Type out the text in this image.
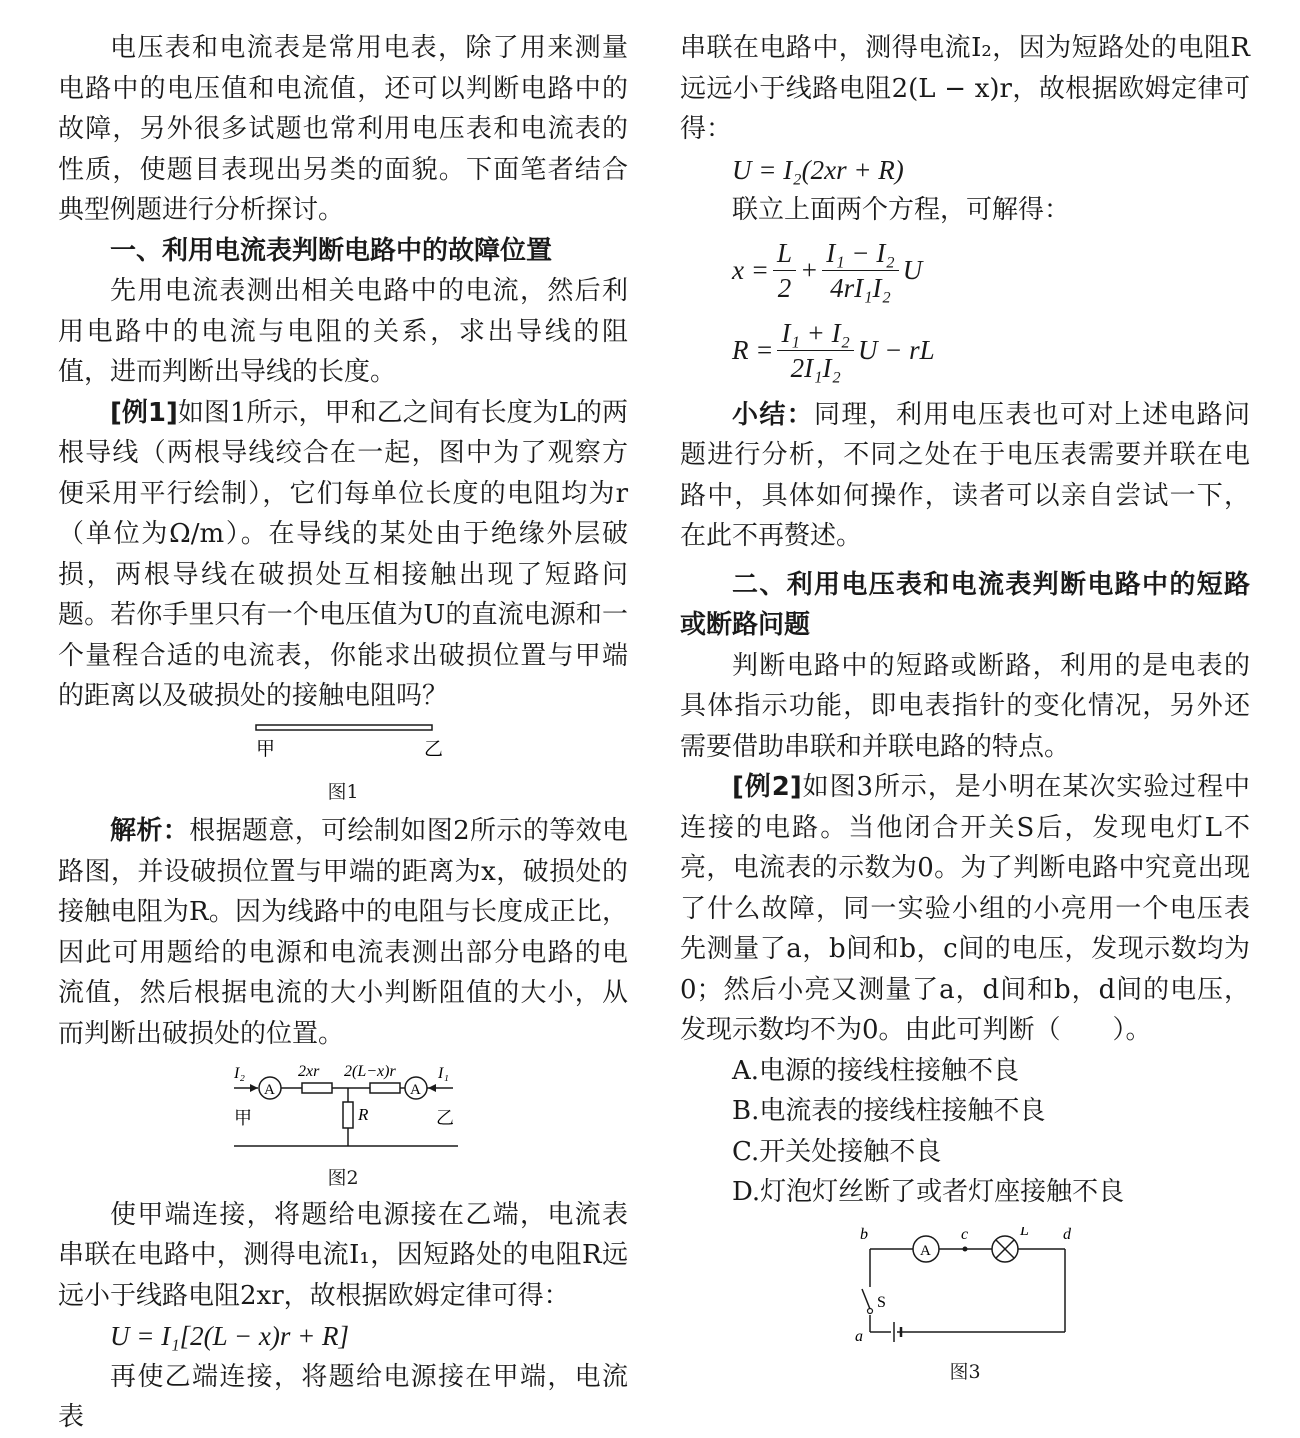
电压表和电流表是常用电表，除了用来测量电路中的电压值和电流值，还可以判断电路中的故障，另外很多试题也常利用电压表和电流表的性质，使题目表现出另类的面貌。下面笔者结合典型例题进行分析探讨。

一、利用电流表判断电路中的故障位置

先用电流表测出相关电路中的电流，然后利用电路中的电流与电阻的关系，求出导线的阻值，进而判断出导线的长度。

[例1]如图1所示，甲和乙之间有长度为L的两根导线（两根导线绞合在一起，图中为了观察方便采用平行绘制），它们每单位长度的电阻均为r（单位为Ω/m）。在导线的某处由于绝缘外层破损，两根导线在破损处互相接触出现了短路问题。若你手里只有一个电压值为U的直流电源和一个量程合适的电流表，你能求出破损位置与甲端的距离以及破损处的接触电阻吗？

甲	乙
图1

解析：根据题意，可绘制如图2所示的等效电路图，并设破损位置与甲端的距离为x，破损处的接触电阻为R。因为线路中的电阻与长度成正比，因此可用题给的电源和电流表测出部分电路的电流值，然后根据电流的大小判断阻值的大小，从而判断出破损处的位置。

I₂
A
2xr 2(L−x)r
A
I₁
R
甲	乙
图2

使甲端连接，将题给电源接在乙端，电流表串联在电路中，测得电流I₁，因短路处的电阻R远远小于线路电阻2xr，故根据欧姆定律可得：

U = I₁[2(L − x)r + R]

再使乙端连接，将题给电源接在甲端，电流表

串联在电路中，测得电流I₂，因为短路处的电阻R远远小于线路电阻2(L − x)r，故根据欧姆定律可得：

U = I₂(2xr + R)

联立上面两个方程，可解得：

$x = \frac{L}{2} + \frac{\text{I₁ − I₂}}{\text{4rI₁I₂}}$ U
$R = \frac{\text{I₁ + I₂}}{\text{2I₁I₂}}$ U − rL

小结：同理，利用电压表也可对上述电路问题进行分析，不同之处在于电压表需要并联在电路中，具体如何操作，读者可以亲自尝试一下，在此不再赘述。

二、利用电压表和电流表判断电路中的短路或断路问题

判断电路中的短路或断路，利用的是电表的具体指示功能，即电表指针的变化情况，另外还需要借助串联和并联电路的特点。

[例2]如图3所示，是小明在某次实验过程中连接的电路。当他闭合开关S后，发现电灯L不亮，电流表的示数为0。为了判断电路中究竟出现了什么故障，同一实验小组的小亮用一个电压表先测量了a，b间和b，c间的电压，发现示数均为0；然后小亮又测量了a，d间和b，d间的电压，发现示数均不为0。由此可判断（　　）。

A.电源的接线柱接触不良

B.电流表的接线柱接触不良

C.开关处接触不良

D.灯泡灯丝断了或者灯座接触不良

A
S
b	c	L d
a
图3
